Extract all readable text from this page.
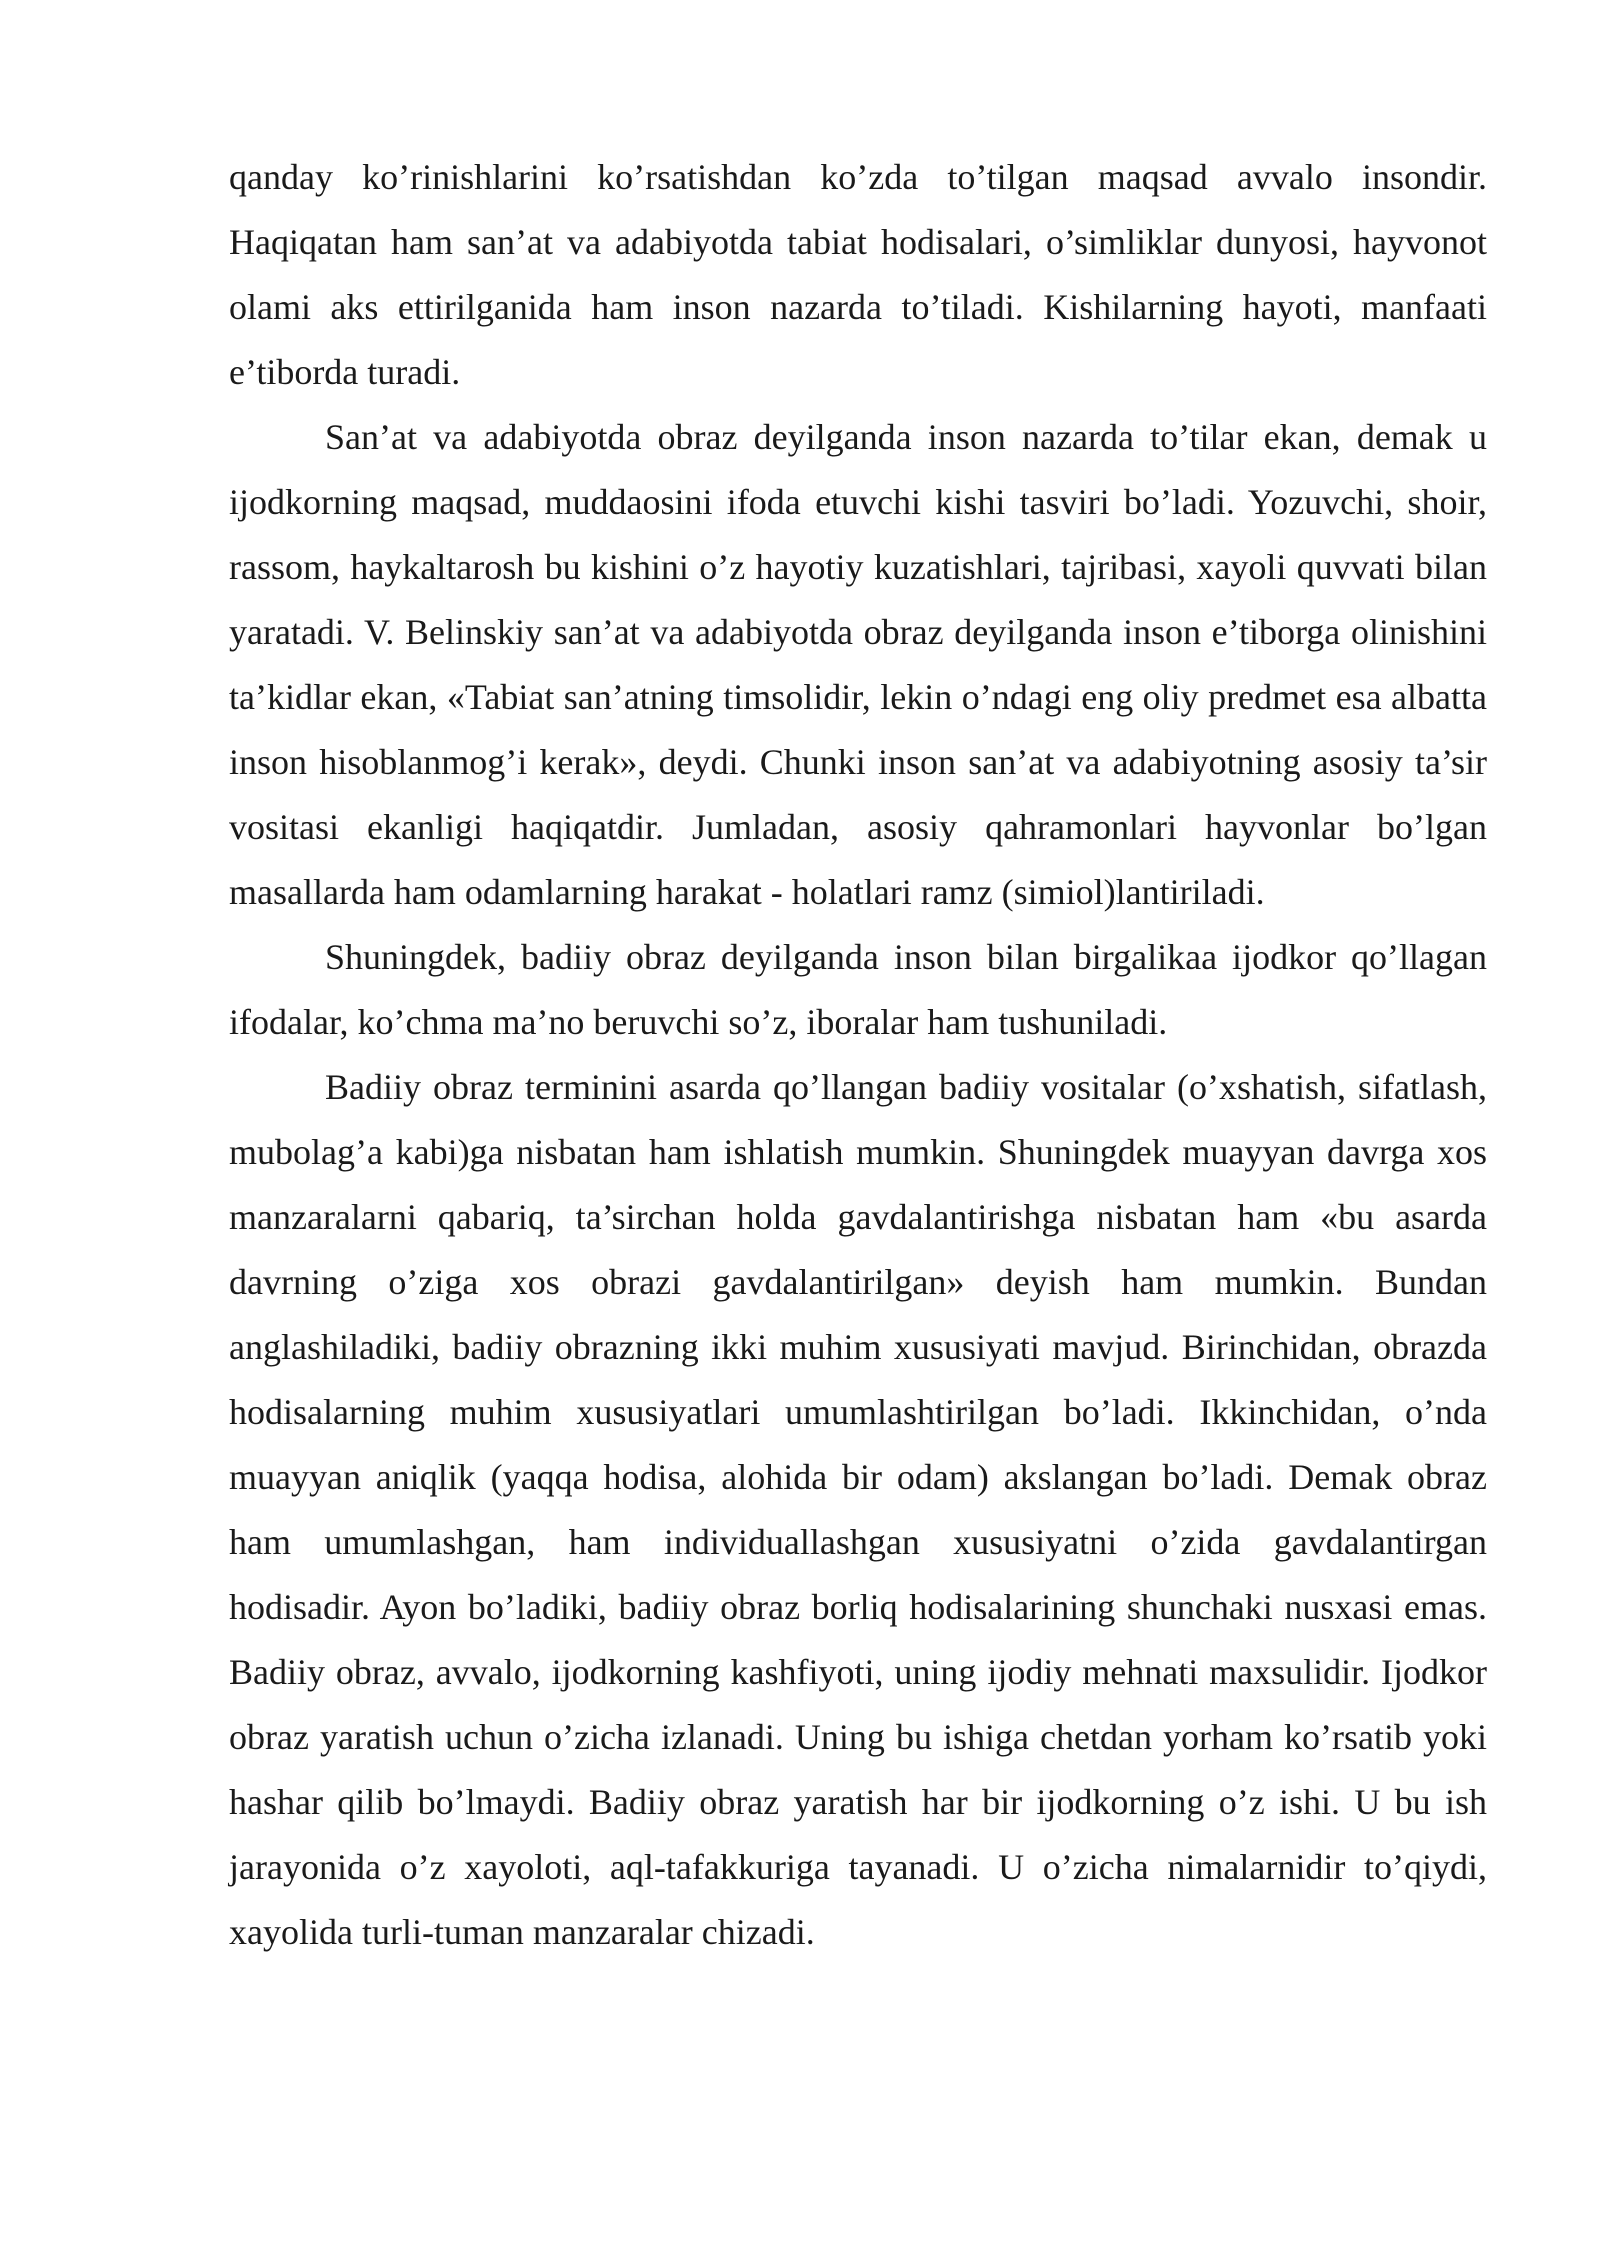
qanday ko’rinishlarini ko’rsatishdan ko’zda to’tilgan maqsad avvalo insondir. Haqiqatan ham san’at va adabiyotda tabiat hodisalari, o’simliklar dunyosi, hayvonot olami aks ettirilganida ham inson nazarda to’tiladi. Kishilarning hayoti, manfaati e’tiborda turadi.

San’at va adabiyotda obraz deyilganda inson nazarda to’tilar ekan, demak u ijodkorning maqsad, muddaosini ifoda etuvchi kishi tasviri bo’ladi. Yozuvchi, shoir, rassom, haykaltarosh bu kishini o’z hayotiy kuzatishlari, tajribasi, xayoli quvvati bilan yaratadi. V. Belinskiy san’at va adabiyotda obraz deyilganda inson e’tiborga olinishini ta’kidlar ekan, «Tabiat san’atning timsolidir, lekin o’ndagi eng oliy predmet esa albatta inson hisoblanmog’i kerak», deydi. Chunki inson san’at va adabiyotning asosiy ta’sir vositasi ekanligi haqiqatdir. Jumladan, asosiy qahramonlari hayvonlar bo’lgan masallarda ham odamlarning harakat - holatlari ramz (simiol)lantiriladi.

Shuningdek, badiiy obraz deyilganda inson bilan birgalikaa ijodkor qo’llagan ifodalar, ko’chma ma’no beruvchi so’z, iboralar ham tushuniladi.

Badiiy obraz terminini asarda qo’llangan badiiy vositalar (o’xshatish, sifatlash, mubolag’a kabi)ga nisbatan ham ishlatish mumkin. Shuningdek muayyan davrga xos manzaralarni qabariq, ta’sirchan holda gavdalantirishga nisbatan ham «bu asarda davrning o’ziga xos obrazi gavdalantirilgan» deyish ham mumkin. Bundan anglashiladiki, badiiy obrazning ikki muhim xususiyati mavjud. Birinchidan, obrazda hodisalarning muhim xususiyatlari umumlashtirilgan bo’ladi. Ikkinchidan, o’nda muayyan aniqlik (yaqqa hodisa, alohida bir odam) akslangan bo’ladi. Demak obraz ham umumlashgan, ham individuallashgan xususiyatni o’zida gavdalantirgan hodisadir. Ayon bo’ladiki, badiiy obraz borliq hodisalarining shunchaki nusxasi emas. Badiiy obraz, avvalo, ijodkorning kashfiyoti, uning ijodiy mehnati maxsulidir. Ijodkor obraz yaratish uchun o’zicha izlanadi. Uning bu ishiga chetdan yorham ko’rsatib yoki hashar qilib bo’lmaydi. Badiiy obraz yaratish har bir ijodkorning o’z ishi. U bu ish jarayonida o’z xayoloti, aql-tafakkuriga tayanadi. U o’zicha nimalarnidir to’qiydi, xayolida turli-tuman manzaralar chizadi.
